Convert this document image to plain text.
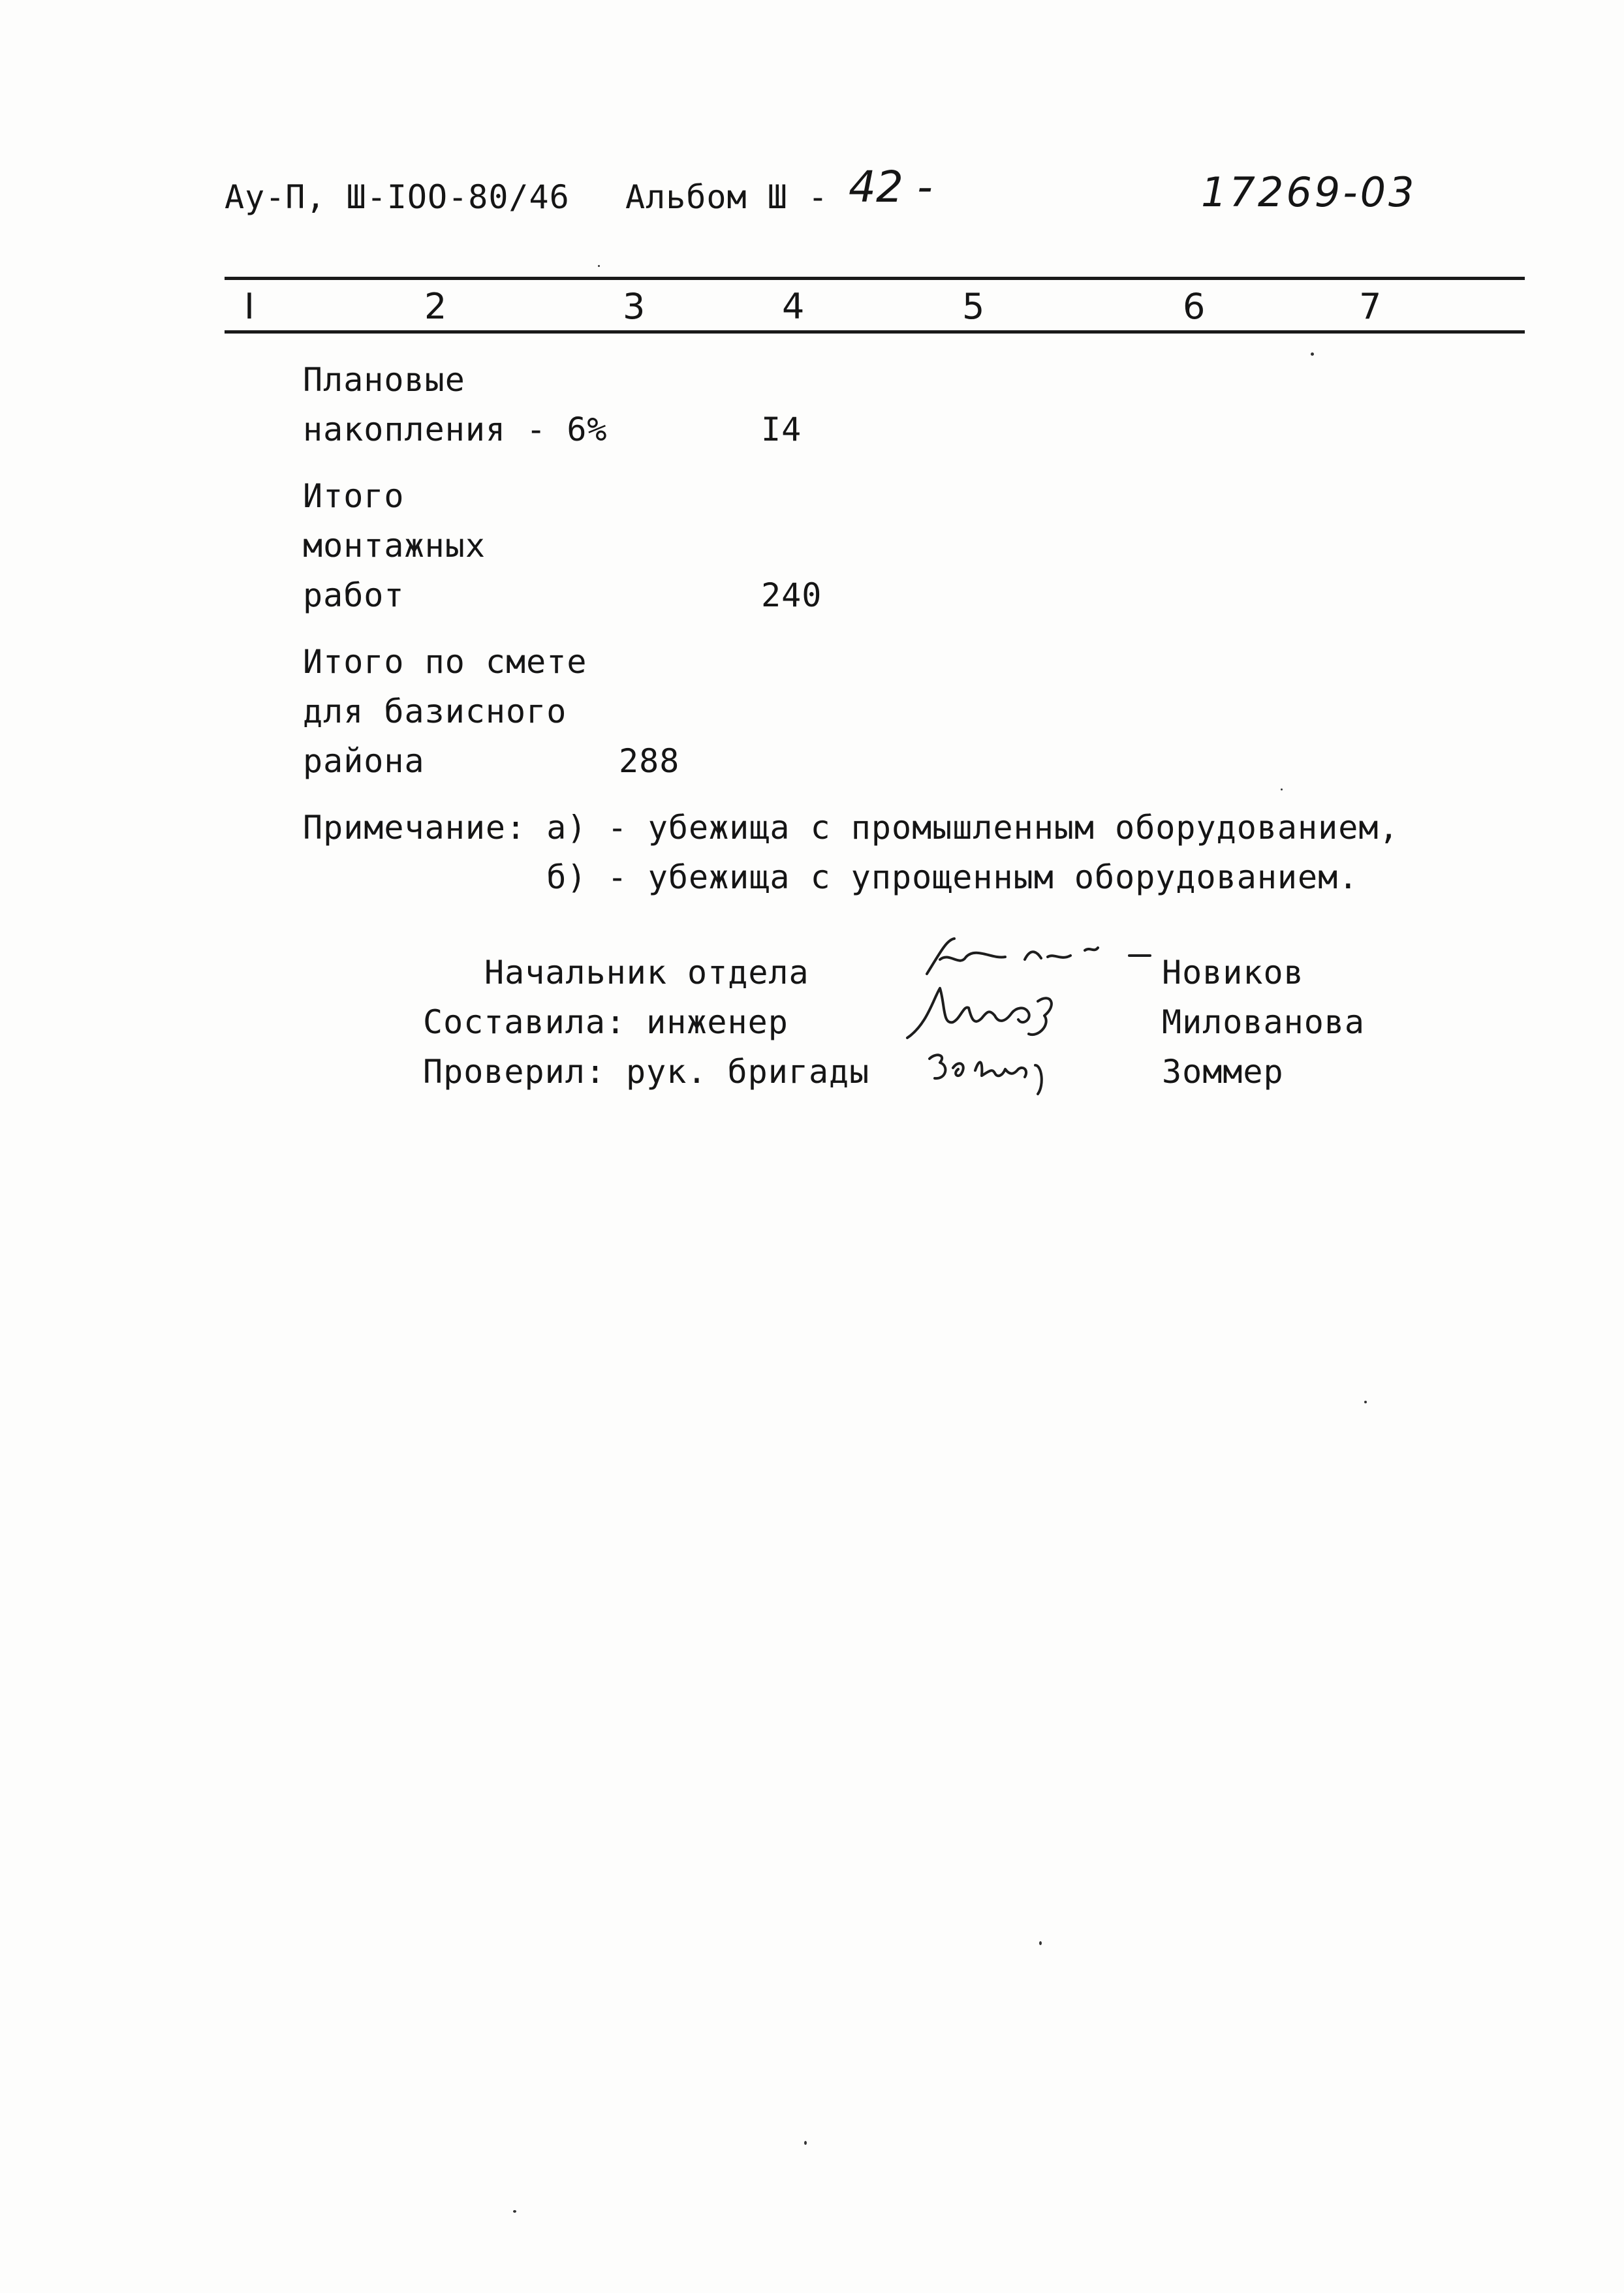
Ау-П, Ш-IOO-80/46 Альбом Ш - 42 -	17269-03
I	2	3	4	5	6	7
Плановые
накопления - 6%	I4
Итого
монтажных
работ	240
Итого по смете
для базисного
района	288
Примечание: а) - убежища с промышленным оборудованием,
б) - убежища с упрощенным оборудованием.
Начальник отдела
Составила: инженер
Проверил: рук. бригады
Новиков
Милованова
Зоммер
